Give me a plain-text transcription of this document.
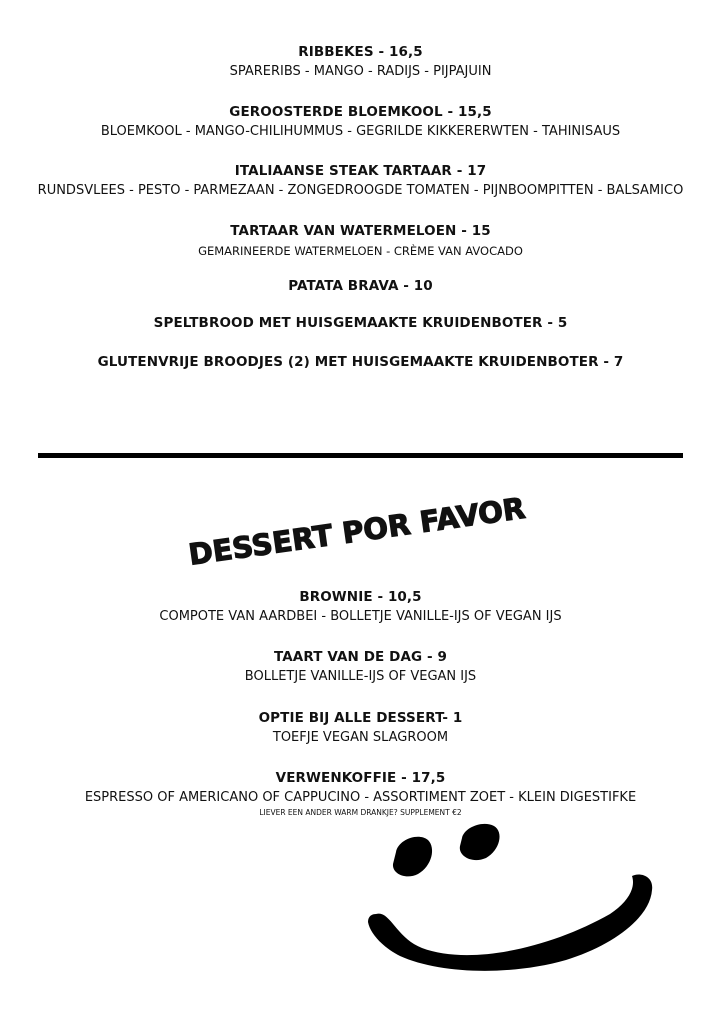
RIBBEKES - 16,5
SPARERIBS - MANGO - RADIJS - PIJPAJUIN
GEROOSTERDE BLOEMKOOL - 15,5
BLOEMKOOL - MANGO-CHILIHUMMUS - GEGRILDE KIKKERERWTEN - TAHINISAUS
ITALIAANSE STEAK TARTAAR - 17
RUNDSVLEES - PESTO - PARMEZAAN - ZONGEDROOGDE TOMATEN - PIJNBOOMPITTEN - BALSAMICO
TARTAAR VAN WATERMELOEN - 15
GEMARINEERDE WATERMELOEN - CRÈME VAN AVOCADO
PATATA BRAVA - 10
SPELTBROOD MET HUISGEMAAKTE KRUIDENBOTER - 5
GLUTENVRIJE BROODJES (2) MET HUISGEMAAKTE KRUIDENBOTER - 7
DESSERT POR FAVOR
BROWNIE - 10,5
COMPOTE VAN AARDBEI - BOLLETJE VANILLE-IJS OF VEGAN IJS
TAART VAN DE DAG - 9
BOLLETJE VANILLE-IJS OF VEGAN IJS
OPTIE BIJ ALLE DESSERT- 1
TOEFJE VEGAN SLAGROOM
VERWENKOFFIE - 17,5
ESPRESSO OF AMERICANO OF CAPPUCINO - ASSORTIMENT ZOET - KLEIN DIGESTIFKE
LIEVER EEN ANDER WARM DRANKJE? SUPPLEMENT €2
